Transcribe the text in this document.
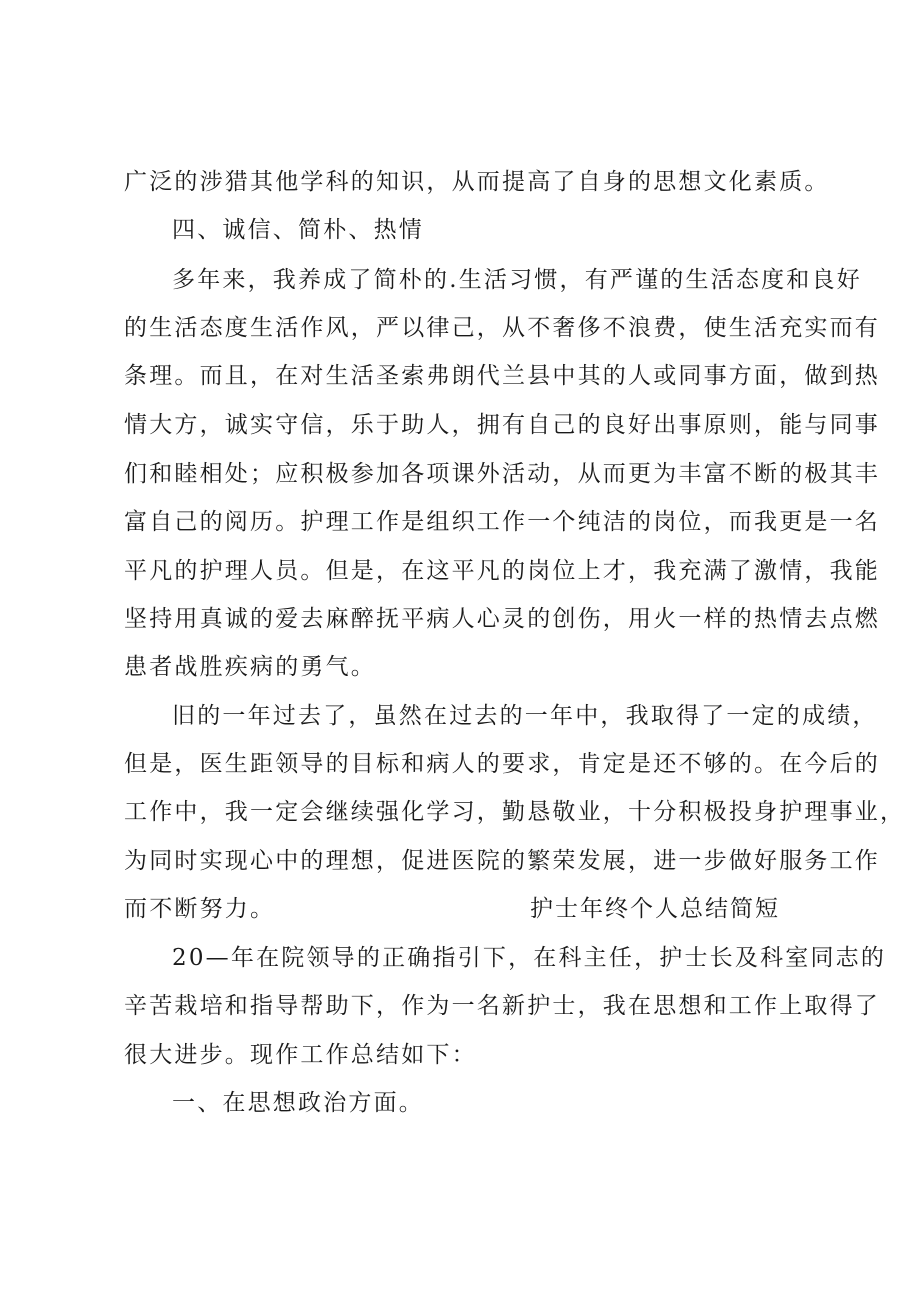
广泛的涉猎其他学科的知识，从而提高了自身的思想文化素质。
四、诚信、简朴、热情
多年来，我养成了简朴的.生活习惯，有严谨的生活态度和良好
的生活态度生活作风，严以律己，从不奢侈不浪费，使生活充实而有
条理。而且，在对生活圣索弗朗代兰县中其的人或同事方面，做到热
情大方，诚实守信，乐于助人，拥有自己的良好出事原则，能与同事
们和睦相处；应积极参加各项课外活动，从而更为丰富不断的极其丰
富自己的阅历。护理工作是组织工作一个纯洁的岗位，而我更是一名
平凡的护理人员。但是，在这平凡的岗位上才，我充满了激情，我能
坚持用真诚的爱去麻醉抚平病人心灵的创伤，用火一样的热情去点燃
患者战胜疾病的勇气。
旧的一年过去了，虽然在过去的一年中，我取得了一定的成绩，
但是，医生距领导的目标和病人的要求，肯定是还不够的。在今后的
工作中，我一定会继续强化学习，勤恳敬业，十分积极投身护理事业，
为同时实现心中的理想，促进医院的繁荣发展，进一步做好服务工作
而不断努力。	护士年终个人总结简短
20—年在院领导的正确指引下，在科主任，护士长及科室同志的
辛苦栽培和指导帮助下，作为一名新护士，我在思想和工作上取得了
很大进步。现作工作总结如下：
一、在思想政治方面。
